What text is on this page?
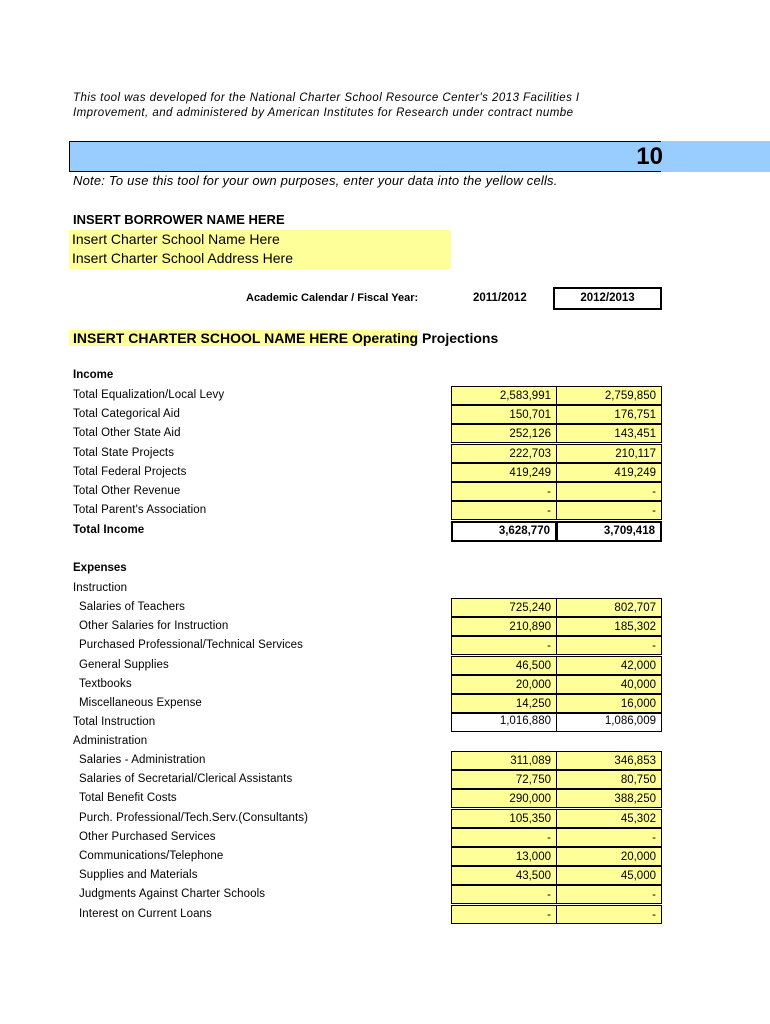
This tool was developed for the National Charter School Resource Center's 2013 Facilities I
Improvement, and administered by American Institutes for Research under contract numbe
10
Note: To use this tool for your own purposes, enter your data into the yellow cells.
INSERT BORROWER NAME HERE
Insert Charter School Name Here
Insert Charter School Address Here
Academic Calendar / Fiscal Year:	2011/2012	2012/2013
INSERT CHARTER SCHOOL NAME HERE Operating Projections
Income
Total Equalization/Local Levy	2,583,991	2,759,850
Total Categorical Aid	150,701	176,751
Total Other State Aid	252,126	143,451
Total State Projects	222,703	210,117
Total Federal Projects	419,249	419,249
Total Other Revenue	-	-
Total Parent's Association	-	-
Total Income	3,628,770	3,709,418
Expenses
Instruction
Salaries of Teachers	725,240	802,707
Other Salaries for Instruction	210,890	185,302
Purchased Professional/Technical Services	-	-
General Supplies	46,500	42,000
Textbooks	20,000	40,000
Miscellaneous Expense	14,250	16,000
Total Instruction	1,016,880	1,086,009
Administration
Salaries - Administration	311,089	346,853
Salaries of Secretarial/Clerical Assistants	72,750	80,750
Total Benefit Costs	290,000	388,250
Purch. Professional/Tech.Serv.(Consultants)	105,350	45,302
Other Purchased Services	-	-
Communications/Telephone	13,000	20,000
Supplies and Materials	43,500	45,000
Judgments Against Charter Schools	-	-
Interest on Current Loans	-	-
